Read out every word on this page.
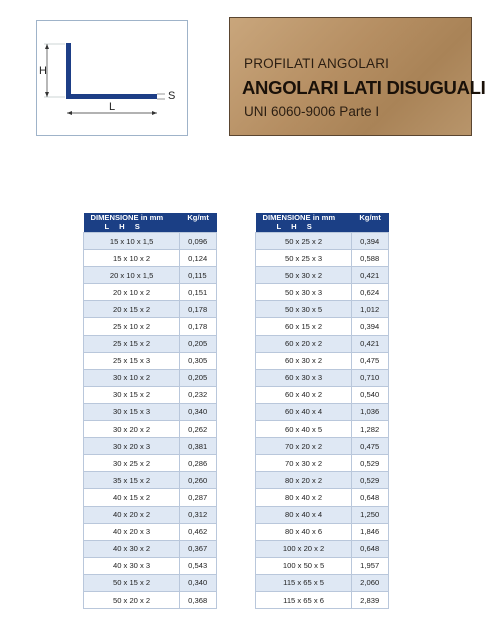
H
L
S
PROFILATI ANGOLARI
ANGOLARI LATI DISUGUALI
UNI 6060-9006 Parte I
DIMENSIONE in mm
L H S	Kg/mt
15 x 10 x 1,5	0,096
15 x 10 x 2	0,124
20 x 10 x 1,5	0,115
20 x 10 x 2	0,151
20 x 15 x 2	0,178
25 x 10 x 2	0,178
25 x 15 x 2	0,205
25 x 15 x 3	0,305
30 x 10 x 2	0,205
30 x 15 x 2	0,232
30 x 15 x 3	0,340
30 x 20 x 2	0,262
30 x 20 x 3	0,381
30 x 25 x 2	0,286
35 x 15 x 2	0,260
40 x 15 x 2	0,287
40 x 20 x 2	0,312
40 x 20 x 3	0,462
40 x 30 x 2	0,367
40 x 30 x 3	0,543
50 x 15 x 2	0,340
50 x 20 x 2	0,368
DIMENSIONE in mm
L H S	Kg/mt
50 x 25 x 2	0,394
50 x 25 x 3	0,588
50 x 30 x 2	0,421
50 x 30 x 3	0,624
50 x 30 x 5	1,012
60 x 15 x 2	0,394
60 x 20 x 2	0,421
60 x 30 x 2	0,475
60 x 30 x 3	0,710
60 x 40 x 2	0,540
60 x 40 x 4	1,036
60 x 40 x 5	1,282
70 x 20 x 2	0,475
70 x 30 x 2	0,529
80 x 20 x 2	0,529
80 x 40 x 2	0,648
80 x 40 x 4	1,250
80 x 40 x 6	1,846
100 x 20 x 2	0,648
100 x 50 x 5	1,957
115 x 65 x 5	2,060
115 x 65 x 6	2,839
